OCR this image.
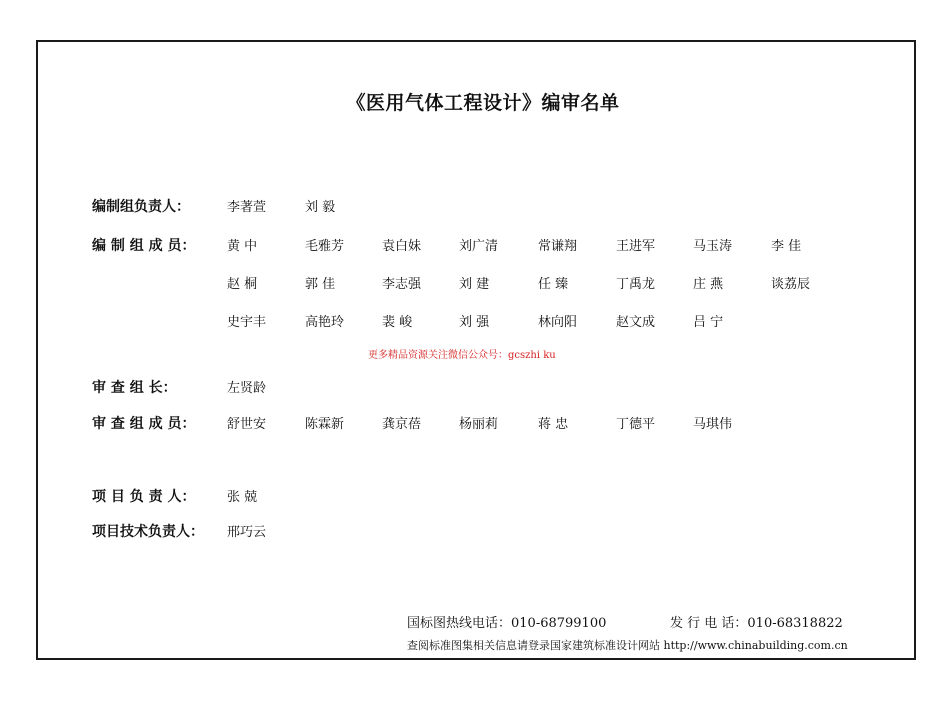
《医用气体工程设计》编审名单
编制组负责人：	李著萱	刘 毅
编 制 组 成 员： 黄 中	毛雅芳	袁白妹	刘广清	常谦翔	王进军	马玉涛	李 佳
赵 桐	郭 佳	李志强	刘 建	任 臻	丁禹龙	庄 燕	谈荔辰
史宇丰	高艳玲	裴 峻	刘 强	林向阳	赵文成	吕 宁
更多精品资源关注微信公众号：gcszhi ku
审 查 组 长：	左贤龄
审 查 组 成 员： 舒世安	陈霖新	龚京蓓	杨丽莉	蒋 忠	丁德平	马琪伟
项 目 负 责 人： 张 兢
项目技术负责人： 邢巧云
国标图热线电话：010-68799100	发 行 电 话：010-68318822
查阅标准图集相关信息请登录国家建筑标准设计网站 http://www.chinabuilding.com.cn
